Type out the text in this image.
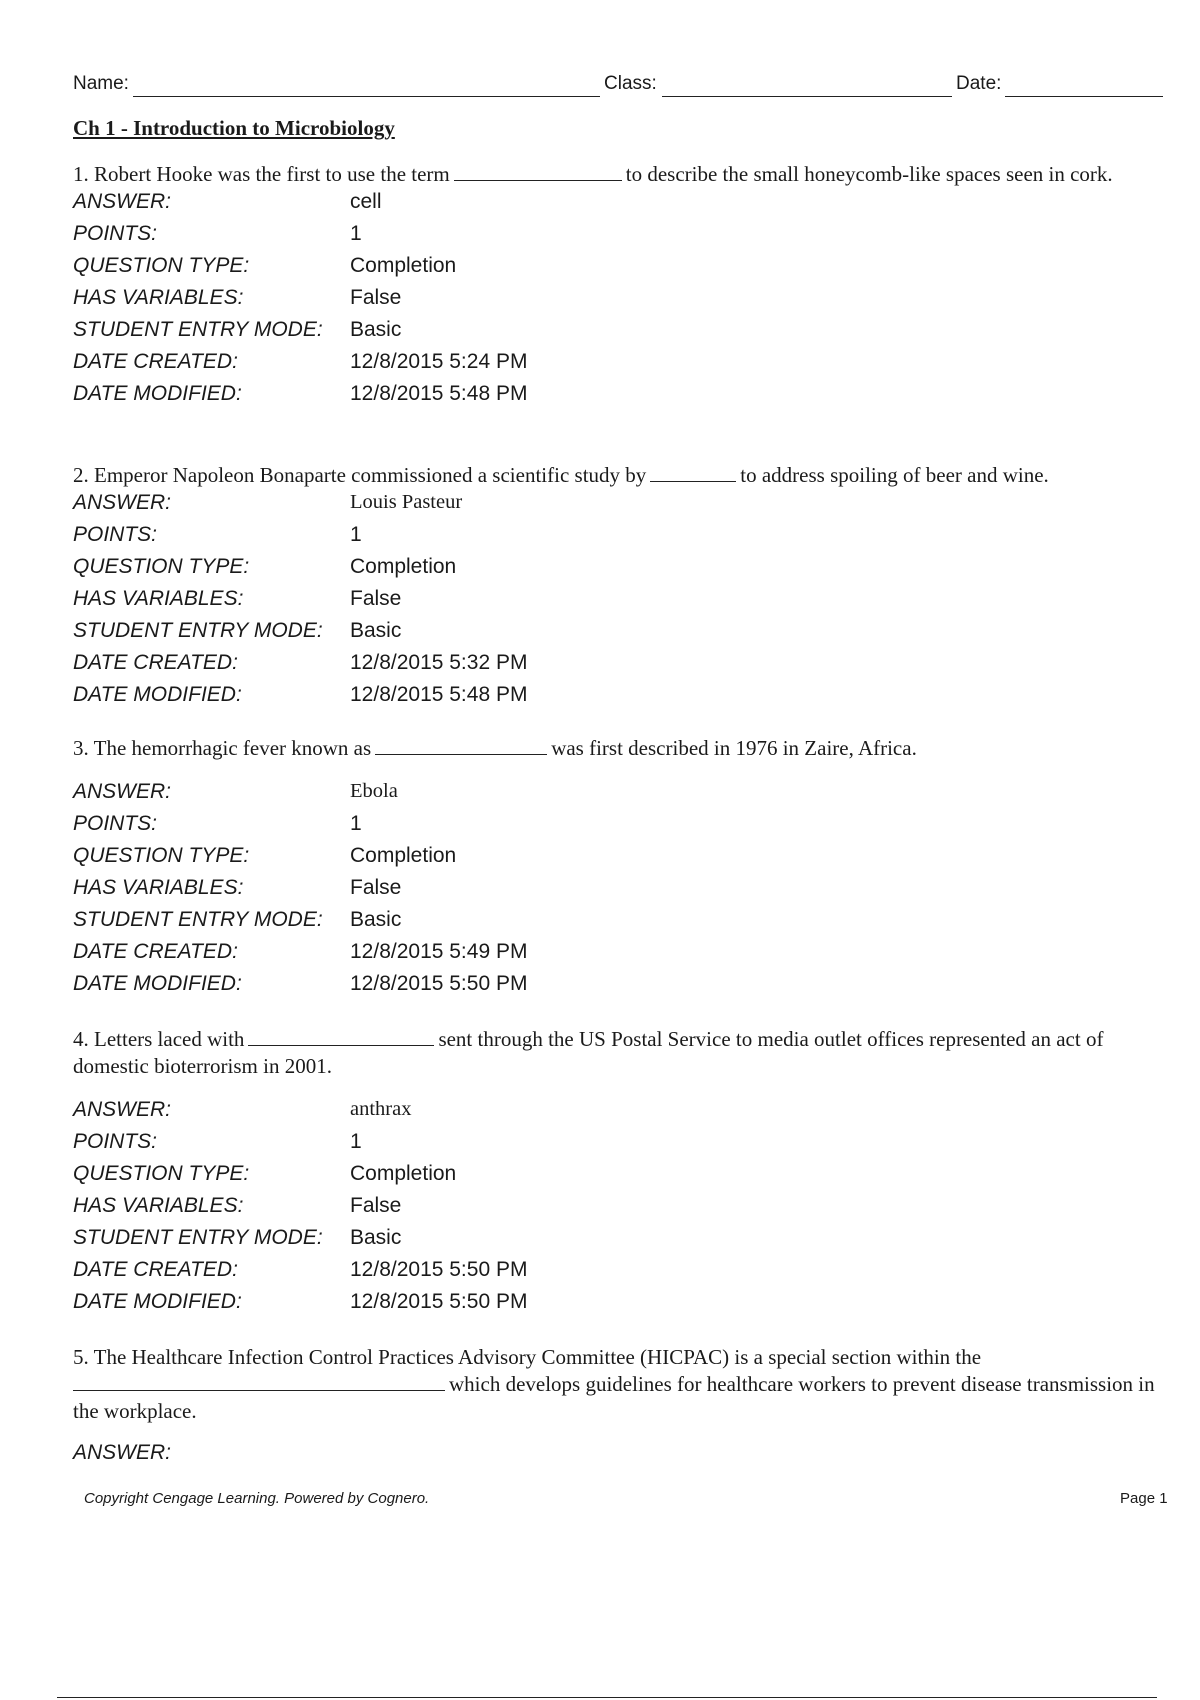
Name:	Class:	Date:
Ch 1 - Introduction to Microbiology
1. Robert Hooke was the first to use the term	to describe the small honeycomb-like spaces seen in cork.
ANSWER:	cell
POINTS:	1
QUESTION TYPE:	Completion
HAS VARIABLES:	False
STUDENT ENTRY MODE: Basic
DATE CREATED:	12/8/2015 5:24 PM
DATE MODIFIED:	12/8/2015 5:48 PM
2. Emperor Napoleon Bonaparte commissioned a scientific study by	to address spoiling of beer and wine.
ANSWER:	Louis Pasteur
POINTS:	1
QUESTION TYPE:	Completion
HAS VARIABLES:	False
STUDENT ENTRY MODE: Basic
DATE CREATED:	12/8/2015 5:32 PM
DATE MODIFIED:	12/8/2015 5:48 PM
3. The hemorrhagic fever known as	was first described in 1976 in Zaire, Africa.
ANSWER:	Ebola
POINTS:	1
QUESTION TYPE:	Completion
HAS VARIABLES:	False
STUDENT ENTRY MODE: Basic
DATE CREATED:	12/8/2015 5:49 PM
DATE MODIFIED:	12/8/2015 5:50 PM
4. Letters laced with	sent through the US Postal Service to media outlet offices represented an act of domestic bioterrorism in 2001.
ANSWER:	anthrax
POINTS:	1
QUESTION TYPE:	Completion
HAS VARIABLES:	False
STUDENT ENTRY MODE: Basic
DATE CREATED:	12/8/2015 5:50 PM
DATE MODIFIED:	12/8/2015 5:50 PM
5. The Healthcare Infection Control Practices Advisory Committee (HICPAC) is a special section within thewhich develops guidelines for healthcare workers to prevent disease transmission in the workplace.
ANSWER:
Copyright Cengage Learning. Powered by Cognero.	Page 1
